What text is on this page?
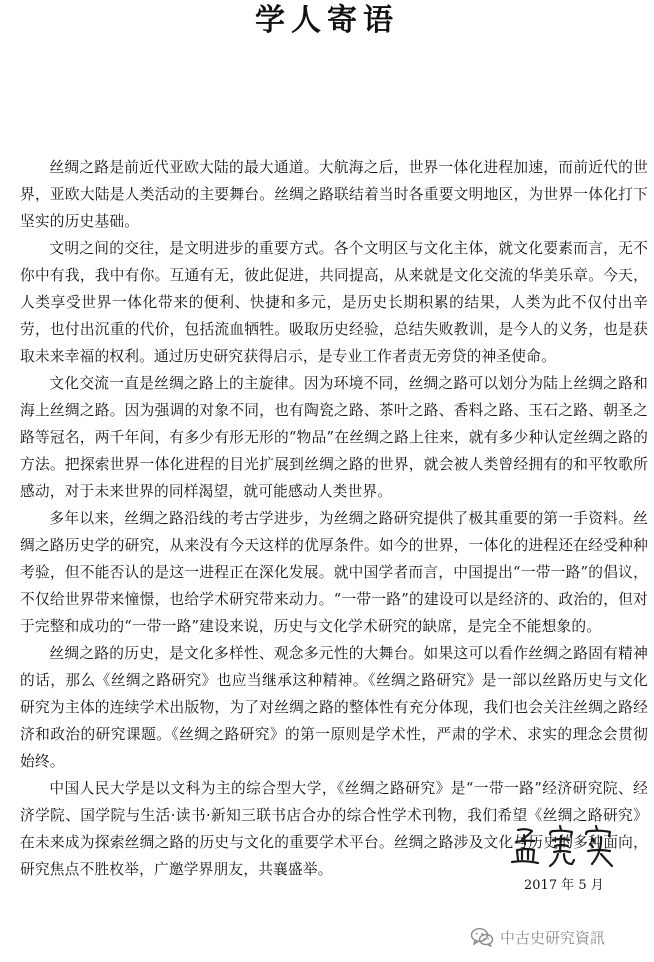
学人寄语

丝绸之路是前近代亚欧大陆的最大通道。大航海之后，世界一体化进程加速，而前近代的世界，亚欧大陆是人类活动的主要舞台。丝绸之路联结着当时各重要文明地区，为世界一体化打下坚实的历史基础。

文明之间的交往，是文明进步的重要方式。各个文明区与文化主体，就文化要素而言，无不你中有我，我中有你。互通有无，彼此促进，共同提高，从来就是文化交流的华美乐章。今天，人类享受世界一体化带来的便利、快捷和多元，是历史长期积累的结果，人类为此不仅付出辛劳，也付出沉重的代价，包括流血牺牲。吸取历史经验，总结失败教训，是今人的义务，也是获取未来幸福的权利。通过历史研究获得启示，是专业工作者责无旁贷的神圣使命。

文化交流一直是丝绸之路上的主旋律。因为环境不同，丝绸之路可以划分为陆上丝绸之路和海上丝绸之路。因为强调的对象不同，也有陶瓷之路、茶叶之路、香料之路、玉石之路、朝圣之路等冠名，两千年间，有多少有形无形的“物品”在丝绸之路上往来，就有多少种认定丝绸之路的方法。把探索世界一体化进程的目光扩展到丝绸之路的世界，就会被人类曾经拥有的和平牧歌所感动，对于未来世界的同样渴望，就可能感动人类世界。

多年以来，丝绸之路沿线的考古学进步，为丝绸之路研究提供了极其重要的第一手资料。丝绸之路历史学的研究，从来没有今天这样的优厚条件。如今的世界，一体化的进程还在经受种种考验，但不能否认的是这一进程正在深化发展。就中国学者而言，中国提出“一带一路”的倡议，不仅给世界带来憧憬，也给学术研究带来动力。“一带一路”的建设可以是经济的、政治的，但对于完整和成功的“一带一路”建设来说，历史与文化学术研究的缺席，是完全不能想象的。

丝绸之路的历史，是文化多样性、观念多元性的大舞台。如果这可以看作丝绸之路固有精神的话，那么《丝绸之路研究》也应当继承这种精神。《丝绸之路研究》是一部以丝路历史与文化研究为主体的连续学术出版物，为了对丝绸之路的整体性有充分体现，我们也会关注丝绸之路经济和政治的研究课题。《丝绸之路研究》的第一原则是学术性，严肃的学术、求实的理念会贯彻始终。

中国人民大学是以文科为主的综合型大学，《丝绸之路研究》是“一带一路”经济研究院、经济学院、国学院与生活·读书·新知三联书店合办的综合性学术刊物，我们希望《丝绸之路研究》在未来成为探索丝绸之路的历史与文化的重要学术平台。丝绸之路涉及文化与历史的多种面向，研究焦点不胜枚举，广邀学界朋友，共襄盛举。

2017 年 5 月
中古史研究資訊
